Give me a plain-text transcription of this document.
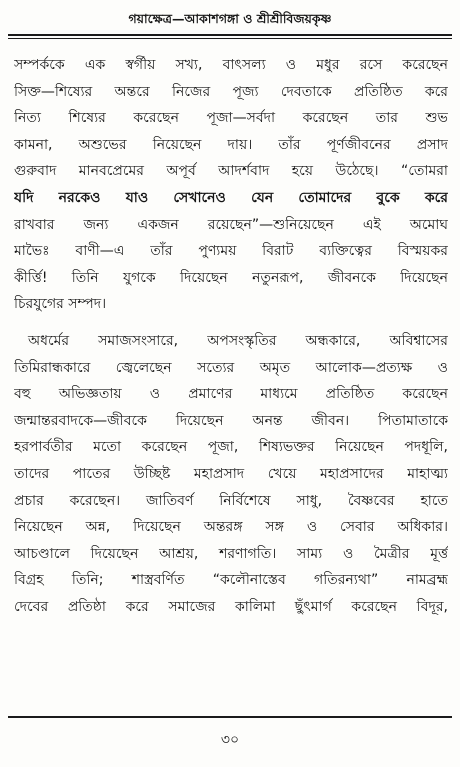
গয়াক্ষেত্র—আকাশগঙ্গা ও শ্রীশ্রীবিজয়কৃষ্ণ
সম্পর্ককে এক স্বর্গীয় সখ্য, বাৎসল্য ও মধুর রসে করেছেন
সিক্ত—শিষ্যের অন্তরে নিজের পূজ্য দেবতাকে প্রতিষ্ঠিত করে
নিত্য শিষ্যের করেছেন পূজা—সর্বদা করেছেন তার শুভ
কামনা, অশুভের নিয়েছেন দায়। তাঁর পূর্ণজীবনের প্রসাদ
গুরুবাদ মানবপ্রেমের অপূর্ব আদর্শবাদ হয়ে উঠেছে। “তোমরা
যদি নরকেও যাও সেখানেও যেন তোমাদের বুকে করে
রাখবার জন্য একজন রয়েছেন”—শুনিয়েছেন এই অমোঘ
মাভৈঃ বাণী—এ তাঁর পুণ্যময় বিরাট ব্যক্তিত্বের বিস্ময়কর
কীর্ত্তি! তিনি যুগকে দিয়েছেন নতুনরূপ, জীবনকে দিয়েছেন
চিরযুগের সম্পদ।
অধর্মের সমাজসংসারে, অপসংস্কৃতির অন্ধকারে, অবিশ্বাসের
তিমিরান্ধকারে জ্বেলেছেন সত্যের অমৃত আলোক—প্রত্যক্ষ ও
বহু অভিজ্ঞতায় ও প্রমাণের মাধ্যমে প্রতিষ্ঠিত করেছেন
জন্মান্তরবাদকে—জীবকে দিয়েছেন অনন্ত জীবন। পিতামাতাকে
হরপার্বতীর মতো করেছেন পূজা, শিষ্যভক্তর নিয়েছেন পদধূলি,
তাদের পাতের উচ্ছিষ্ট মহাপ্রসাদ খেয়ে মহাপ্রসাদের মাহাত্ম্য
প্রচার করেছেন। জাতিবর্ণ নির্বিশেষে সাধু, বৈষ্ণবের হাতে
নিয়েছেন অন্ন, দিয়েছেন অন্তরঙ্গ সঙ্গ ও সেবার অধিকার।
আচণ্ডালে দিয়েছেন আশ্রয়, শরণাগতি। সাম্য ও মৈত্রীর মূর্ত্ত
বিগ্রহ তিনি; শাস্ত্রবর্ণিত “কলৌনাস্তেব গতিরন্যথা” নামব্রহ্ম
দেবের প্রতিষ্ঠা করে সমাজের কালিমা ছুঁৎমার্গ করেছেন বিদূর,
৩০
